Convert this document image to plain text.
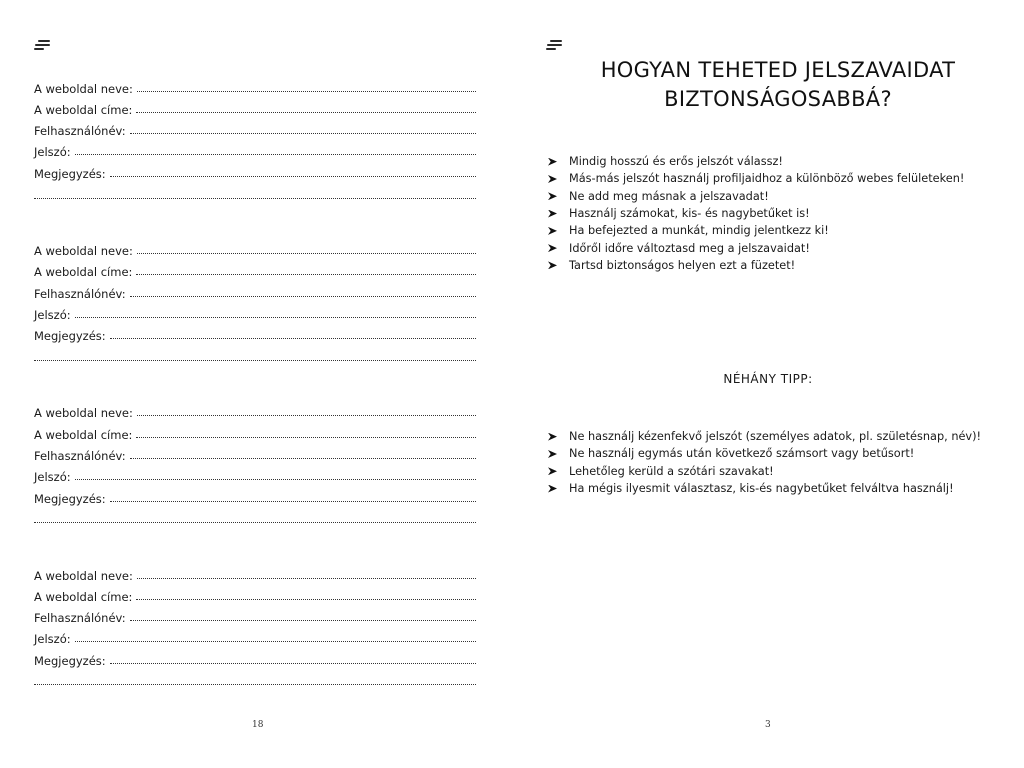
A weboldal neve:
A weboldal címe:
Felhasználónév:
Jelszó:
Megjegyzés:
A weboldal neve:
A weboldal címe:
Felhasználónév:
Jelszó:
Megjegyzés:
A weboldal neve:
A weboldal címe:
Felhasználónév:
Jelszó:
Megjegyzés:
A weboldal neve:
A weboldal címe:
Felhasználónév:
Jelszó:
Megjegyzés:
18
HOGYAN TEHETED JELSZAVAIDAT
BIZTONSÁGOSABBÁ?
Mindig hosszú és erős jelszót válassz!
Más-más jelszót használj profiljaidhoz a különböző webes felületeken!
Ne add meg másnak a jelszavadat!
Használj számokat, kis- és nagybetűket is!
Ha befejezted a munkát, mindig jelentkezz ki!
Időről időre változtasd meg a jelszavaidat!
Tartsd biztonságos helyen ezt a füzetet!
NÉHÁNY TIPP:
Ne használj kézenfekvő jelszót (személyes adatok, pl. születésnap, név)!
Ne használj egymás után következő számsort vagy betűsort!
Lehetőleg kerüld a szótári szavakat!
Ha mégis ilyesmit választasz, kis-és nagybetűket felváltva használj!
3
